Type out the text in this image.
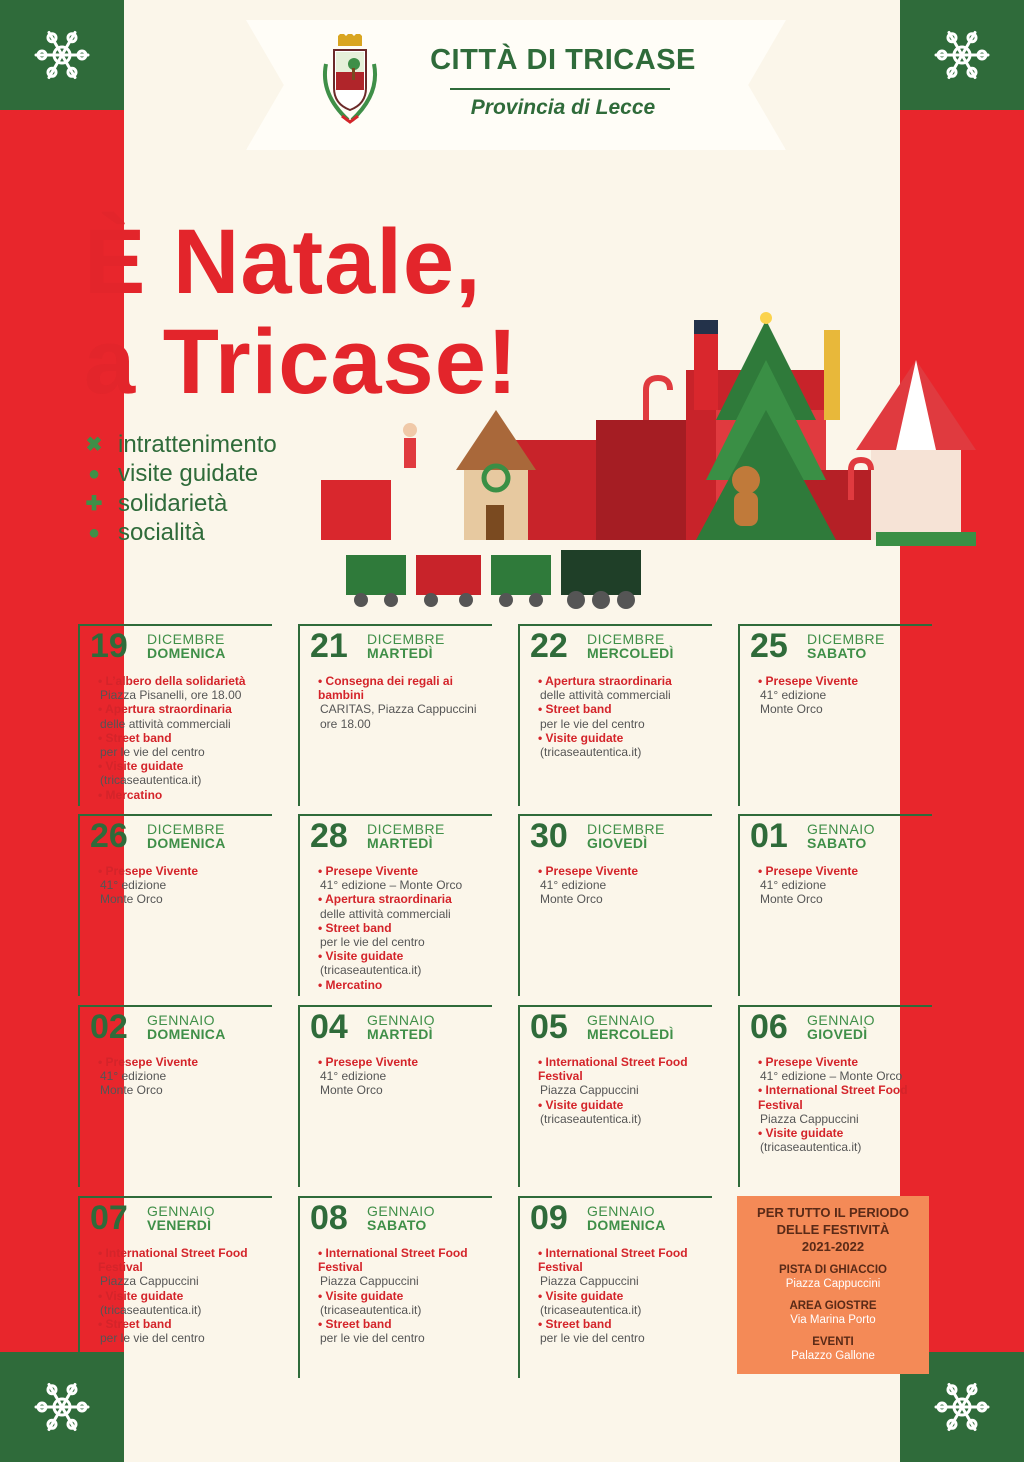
CITTÀ DI TRICASE
Provincia di Lecce
È Natale,
a Tricase!
✖ intrattenimento
● visite guidate
✚ solidarietà
● socialità
19 DICEMBRE
DOMENICA
• L’albero della solidarietà
Piazza Pisanelli, ore 18.00
• Apertura straordinaria
delle attività commerciali
• Street band
per le vie del centro
• Visite guidate
(tricaseautentica.it)
• Mercatino
21 DICEMBRE
MARTEDÌ
• Consegna dei regali ai bambini
CARITAS, Piazza Cappuccini
ore 18.00
22 DICEMBRE
MERCOLEDÌ
• Apertura straordinaria
delle attività commerciali
• Street band
per le vie del centro
• Visite guidate
(tricaseautentica.it)
25 DICEMBRE
SABATO
• Presepe Vivente
41° edizione
Monte Orco
26 DICEMBRE
DOMENICA
• Presepe Vivente
41° edizione
Monte Orco
28 DICEMBRE
MARTEDÌ
• Presepe Vivente
41° edizione – Monte Orco
• Apertura straordinaria
delle attività commerciali
• Street band
per le vie del centro
• Visite guidate
(tricaseautentica.it)
• Mercatino
30 DICEMBRE
GIOVEDÌ
• Presepe Vivente
41° edizione
Monte Orco
01 GENNAIO
SABATO
• Presepe Vivente
41° edizione
Monte Orco
02 GENNAIO
DOMENICA
• Presepe Vivente
41° edizione
Monte Orco
04 GENNAIO
MARTEDÌ
• Presepe Vivente
41° edizione
Monte Orco
05 GENNAIO
MERCOLEDÌ
• International Street Food Festival
Piazza Cappuccini
• Visite guidate
(tricaseautentica.it)
06 GENNAIO
GIOVEDÌ
• Presepe Vivente
41° edizione – Monte Orco
• International Street Food Festival
Piazza Cappuccini
• Visite guidate
(tricaseautentica.it)
07 GENNAIO
VENERDÌ
• International Street Food Festival
Piazza Cappuccini
• Visite guidate
(tricaseautentica.it)
• Street band
per le vie del centro
08 GENNAIO
SABATO
• International Street Food Festival
Piazza Cappuccini
• Visite guidate
(tricaseautentica.it)
• Street band
per le vie del centro
09 GENNAIO
DOMENICA
• International Street Food Festival
Piazza Cappuccini
• Visite guidate
(tricaseautentica.it)
• Street band
per le vie del centro
PER TUTTO IL PERIODO
DELLE FESTIVITÀ
2021-2022
PISTA DI GHIACCIO
Piazza Cappuccini
AREA GIOSTRE
Via Marina Porto
EVENTI
Palazzo Gallone
